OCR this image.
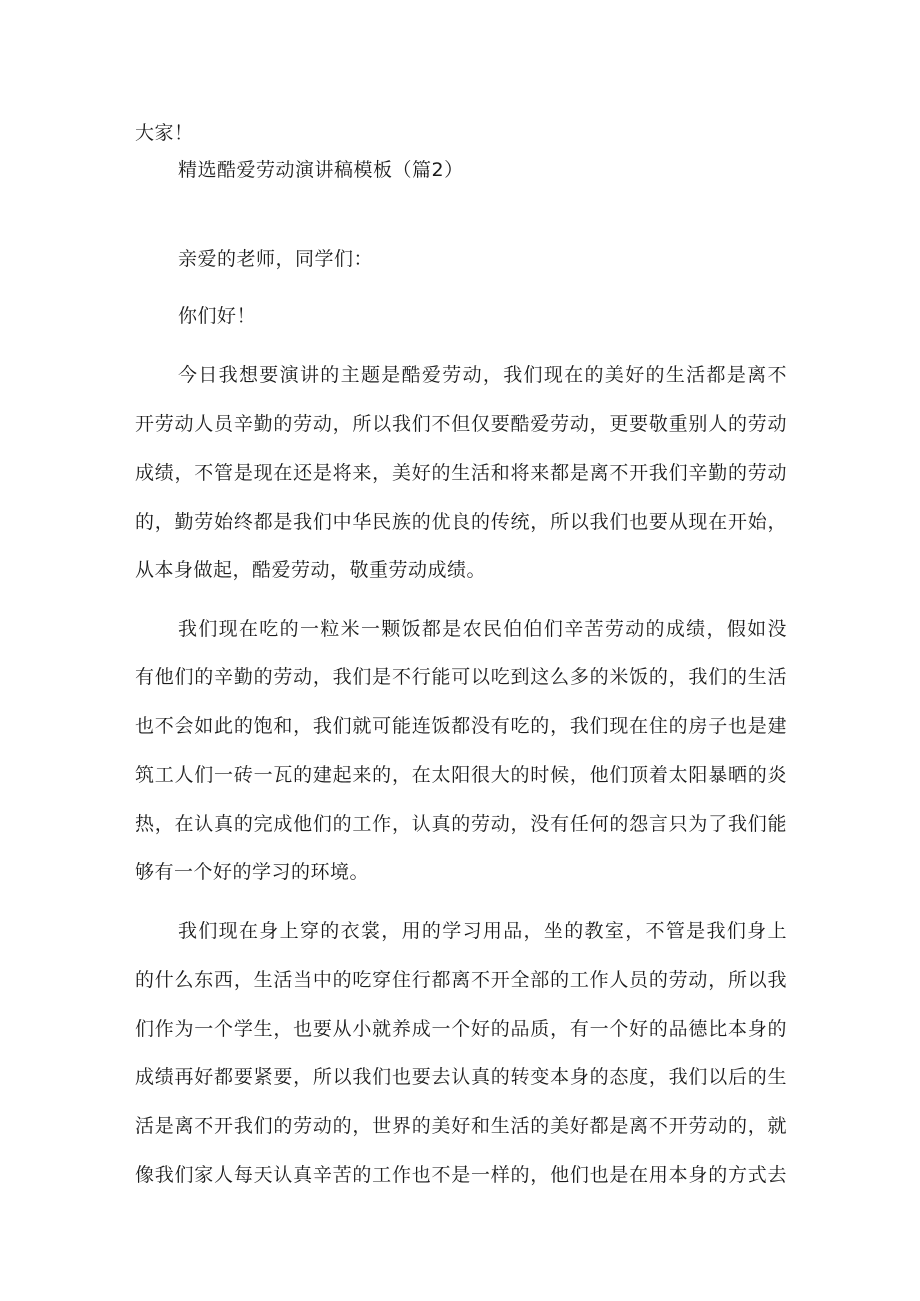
大家！
精选酷爱劳动演讲稿模板（篇2）
亲爱的老师，同学们：
你们好！
今日我想要演讲的主题是酷爱劳动，我们现在的美好的生活都是离不
开劳动人员辛勤的劳动，所以我们不但仅要酷爱劳动，更要敬重别人的劳动
成绩，不管是现在还是将来，美好的生活和将来都是离不开我们辛勤的劳动
的，勤劳始终都是我们中华民族的优良的传统，所以我们也要从现在开始，
从本身做起，酷爱劳动，敬重劳动成绩。
我们现在吃的一粒米一颗饭都是农民伯伯们辛苦劳动的成绩，假如没
有他们的辛勤的劳动，我们是不行能可以吃到这么多的米饭的，我们的生活
也不会如此的饱和，我们就可能连饭都没有吃的，我们现在住的房子也是建
筑工人们一砖一瓦的建起来的，在太阳很大的时候，他们顶着太阳暴晒的炎
热，在认真的完成他们的工作，认真的劳动，没有任何的怨言只为了我们能
够有一个好的学习的环境。
我们现在身上穿的衣裳，用的学习用品，坐的教室，不管是我们身上
的什么东西，生活当中的吃穿住行都离不开全部的工作人员的劳动，所以我
们作为一个学生，也要从小就养成一个好的品质，有一个好的品德比本身的
成绩再好都要紧要，所以我们也要去认真的转变本身的态度，我们以后的生
活是离不开我们的劳动的，世界的美好和生活的美好都是离不开劳动的，就
像我们家人每天认真辛苦的工作也不是一样的，他们也是在用本身的方式去
